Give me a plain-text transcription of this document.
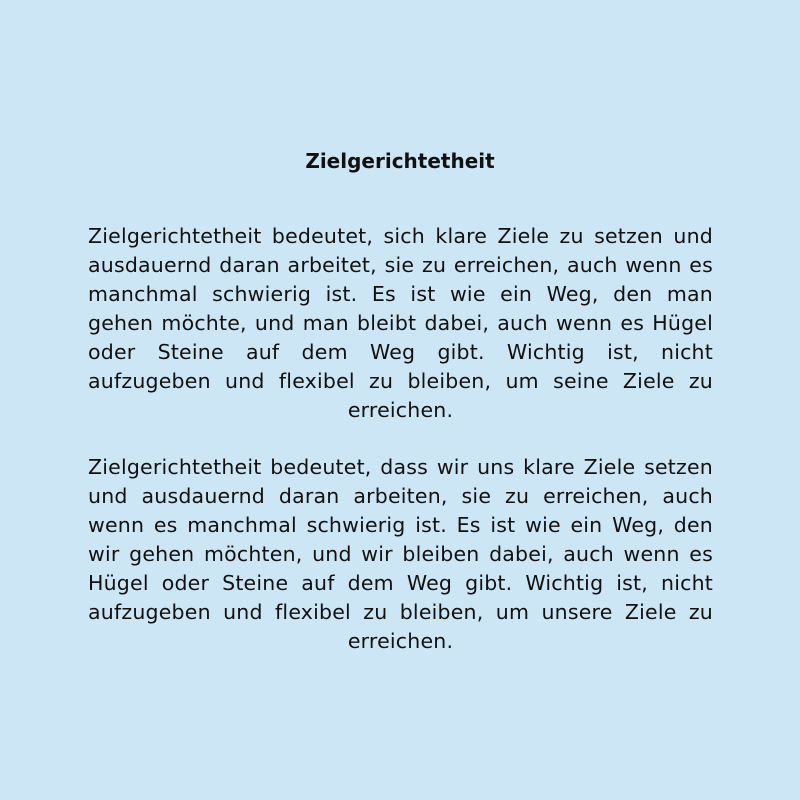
Zielgerichtetheit

Zielgerichtetheit bedeutet, sich klare Ziele zu setzen und ausdauernd daran arbeitet, sie zu erreichen, auch wenn es manchmal schwierig ist. Es ist wie ein Weg, den man gehen möchte, und man bleibt dabei, auch wenn es Hügel oder Steine auf dem Weg gibt. Wichtig ist, nicht aufzugeben und flexibel zu bleiben, um seine Ziele zu erreichen.

Zielgerichtetheit bedeutet, dass wir uns klare Ziele setzen und ausdauernd daran arbeiten, sie zu erreichen, auch wenn es manchmal schwierig ist. Es ist wie ein Weg, den wir gehen möchten, und wir bleiben dabei, auch wenn es Hügel oder Steine auf dem Weg gibt. Wichtig ist, nicht aufzugeben und flexibel zu bleiben, um unsere Ziele zu erreichen.
